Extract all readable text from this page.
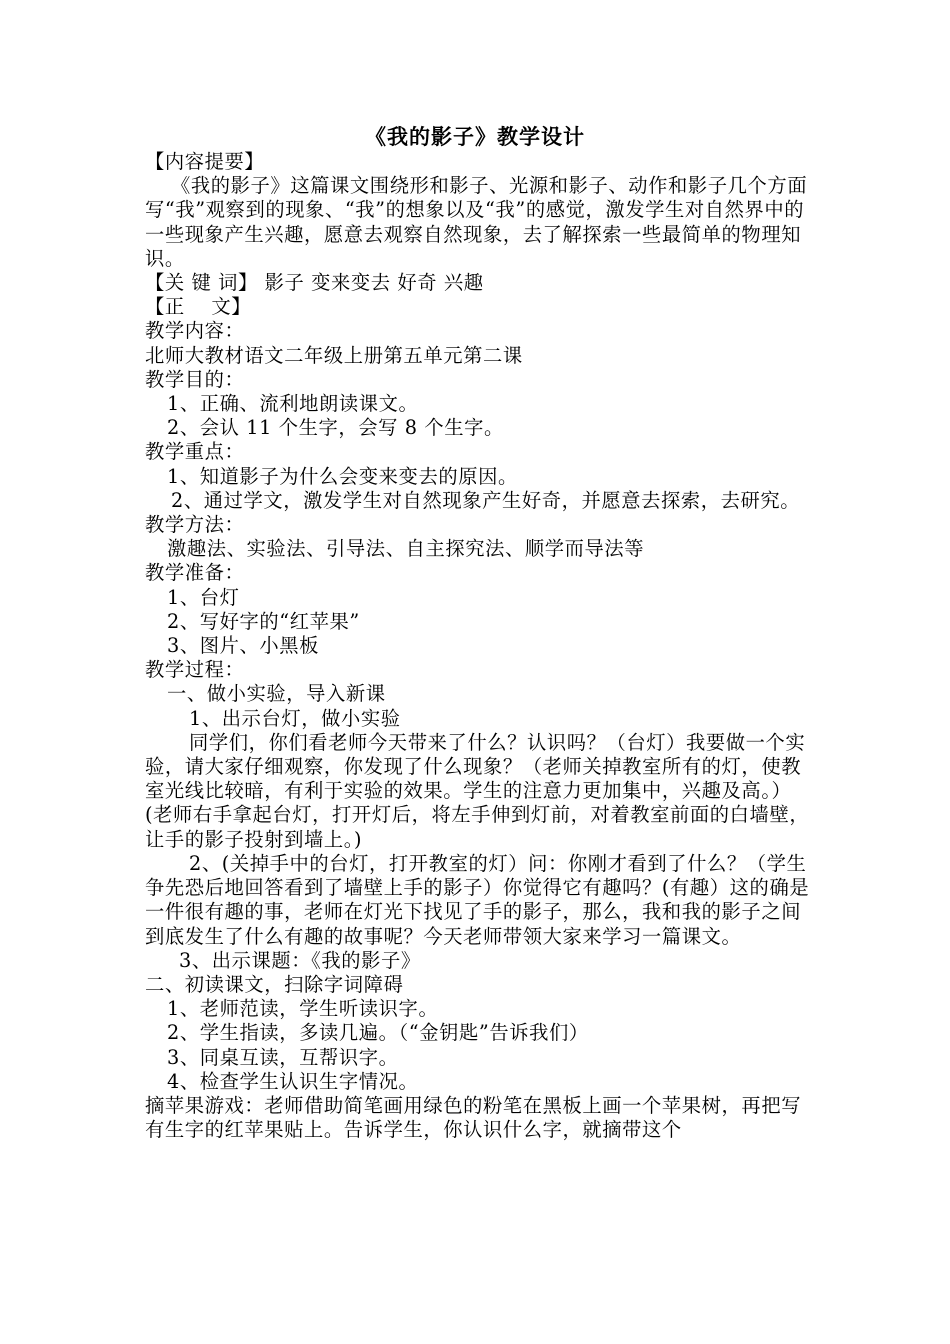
《我的影子》教学设计

【内容提要】

《我的影子》这篇课文围绕形和影子、光源和影子、动作和影子几个方面写“我”观察到的现象、“我”的想象以及“我”的感觉，激发学生对自然界中的一些现象产生兴趣，愿意去观察自然现象，去了解探索一些最简单的物理知识。

【关 键 词】 影子 变来变去 好奇 兴趣

【正　 文】

教学内容：

北师大教材语文二年级上册第五单元第二课

教学目的：

1、正确、流利地朗读课文。

2、会认 11 个生字，会写 8 个生字。

教学重点：

1、知道影子为什么会变来变去的原因。

2、通过学文，激发学生对自然现象产生好奇，并愿意去探索，去研究。

教学方法：

激趣法、实验法、引导法、自主探究法、顺学而导法等

教学准备：

1、台灯

2、写好字的“红苹果”

3、图片、小黑板

教学过程：

一、做小实验，导入新课

1、出示台灯，做小实验

同学们，你们看老师今天带来了什么？认识吗？（台灯）我要做一个实验，请大家仔细观察，你发现了什么现象？（老师关掉教室所有的灯，使教室光线比较暗，有利于实验的效果。学生的注意力更加集中，兴趣及高。）(老师右手拿起台灯，打开灯后，将左手伸到灯前，对着教室前面的白墙壁，让手的影子投射到墙上。)

2、(关掉手中的台灯，打开教室的灯）问：你刚才看到了什么？（学生争先恐后地回答看到了墙壁上手的影子）你觉得它有趣吗？(有趣）这的确是一件很有趣的事，老师在灯光下找见了手的影子，那么，我和我的影子之间到底发生了什么有趣的故事呢？今天老师带领大家来学习一篇课文。

3、出示课题：《我的影子》

二、初读课文，扫除字词障碍

1、老师范读，学生听读识字。

2、学生指读，多读几遍。（“金钥匙”告诉我们）

3、同桌互读，互帮识字。

4、检查学生认识生字情况。

摘苹果游戏：老师借助简笔画用绿色的粉笔在黑板上画一个苹果树，再把写有生字的红苹果贴上。告诉学生，你认识什么字，就摘带这个
